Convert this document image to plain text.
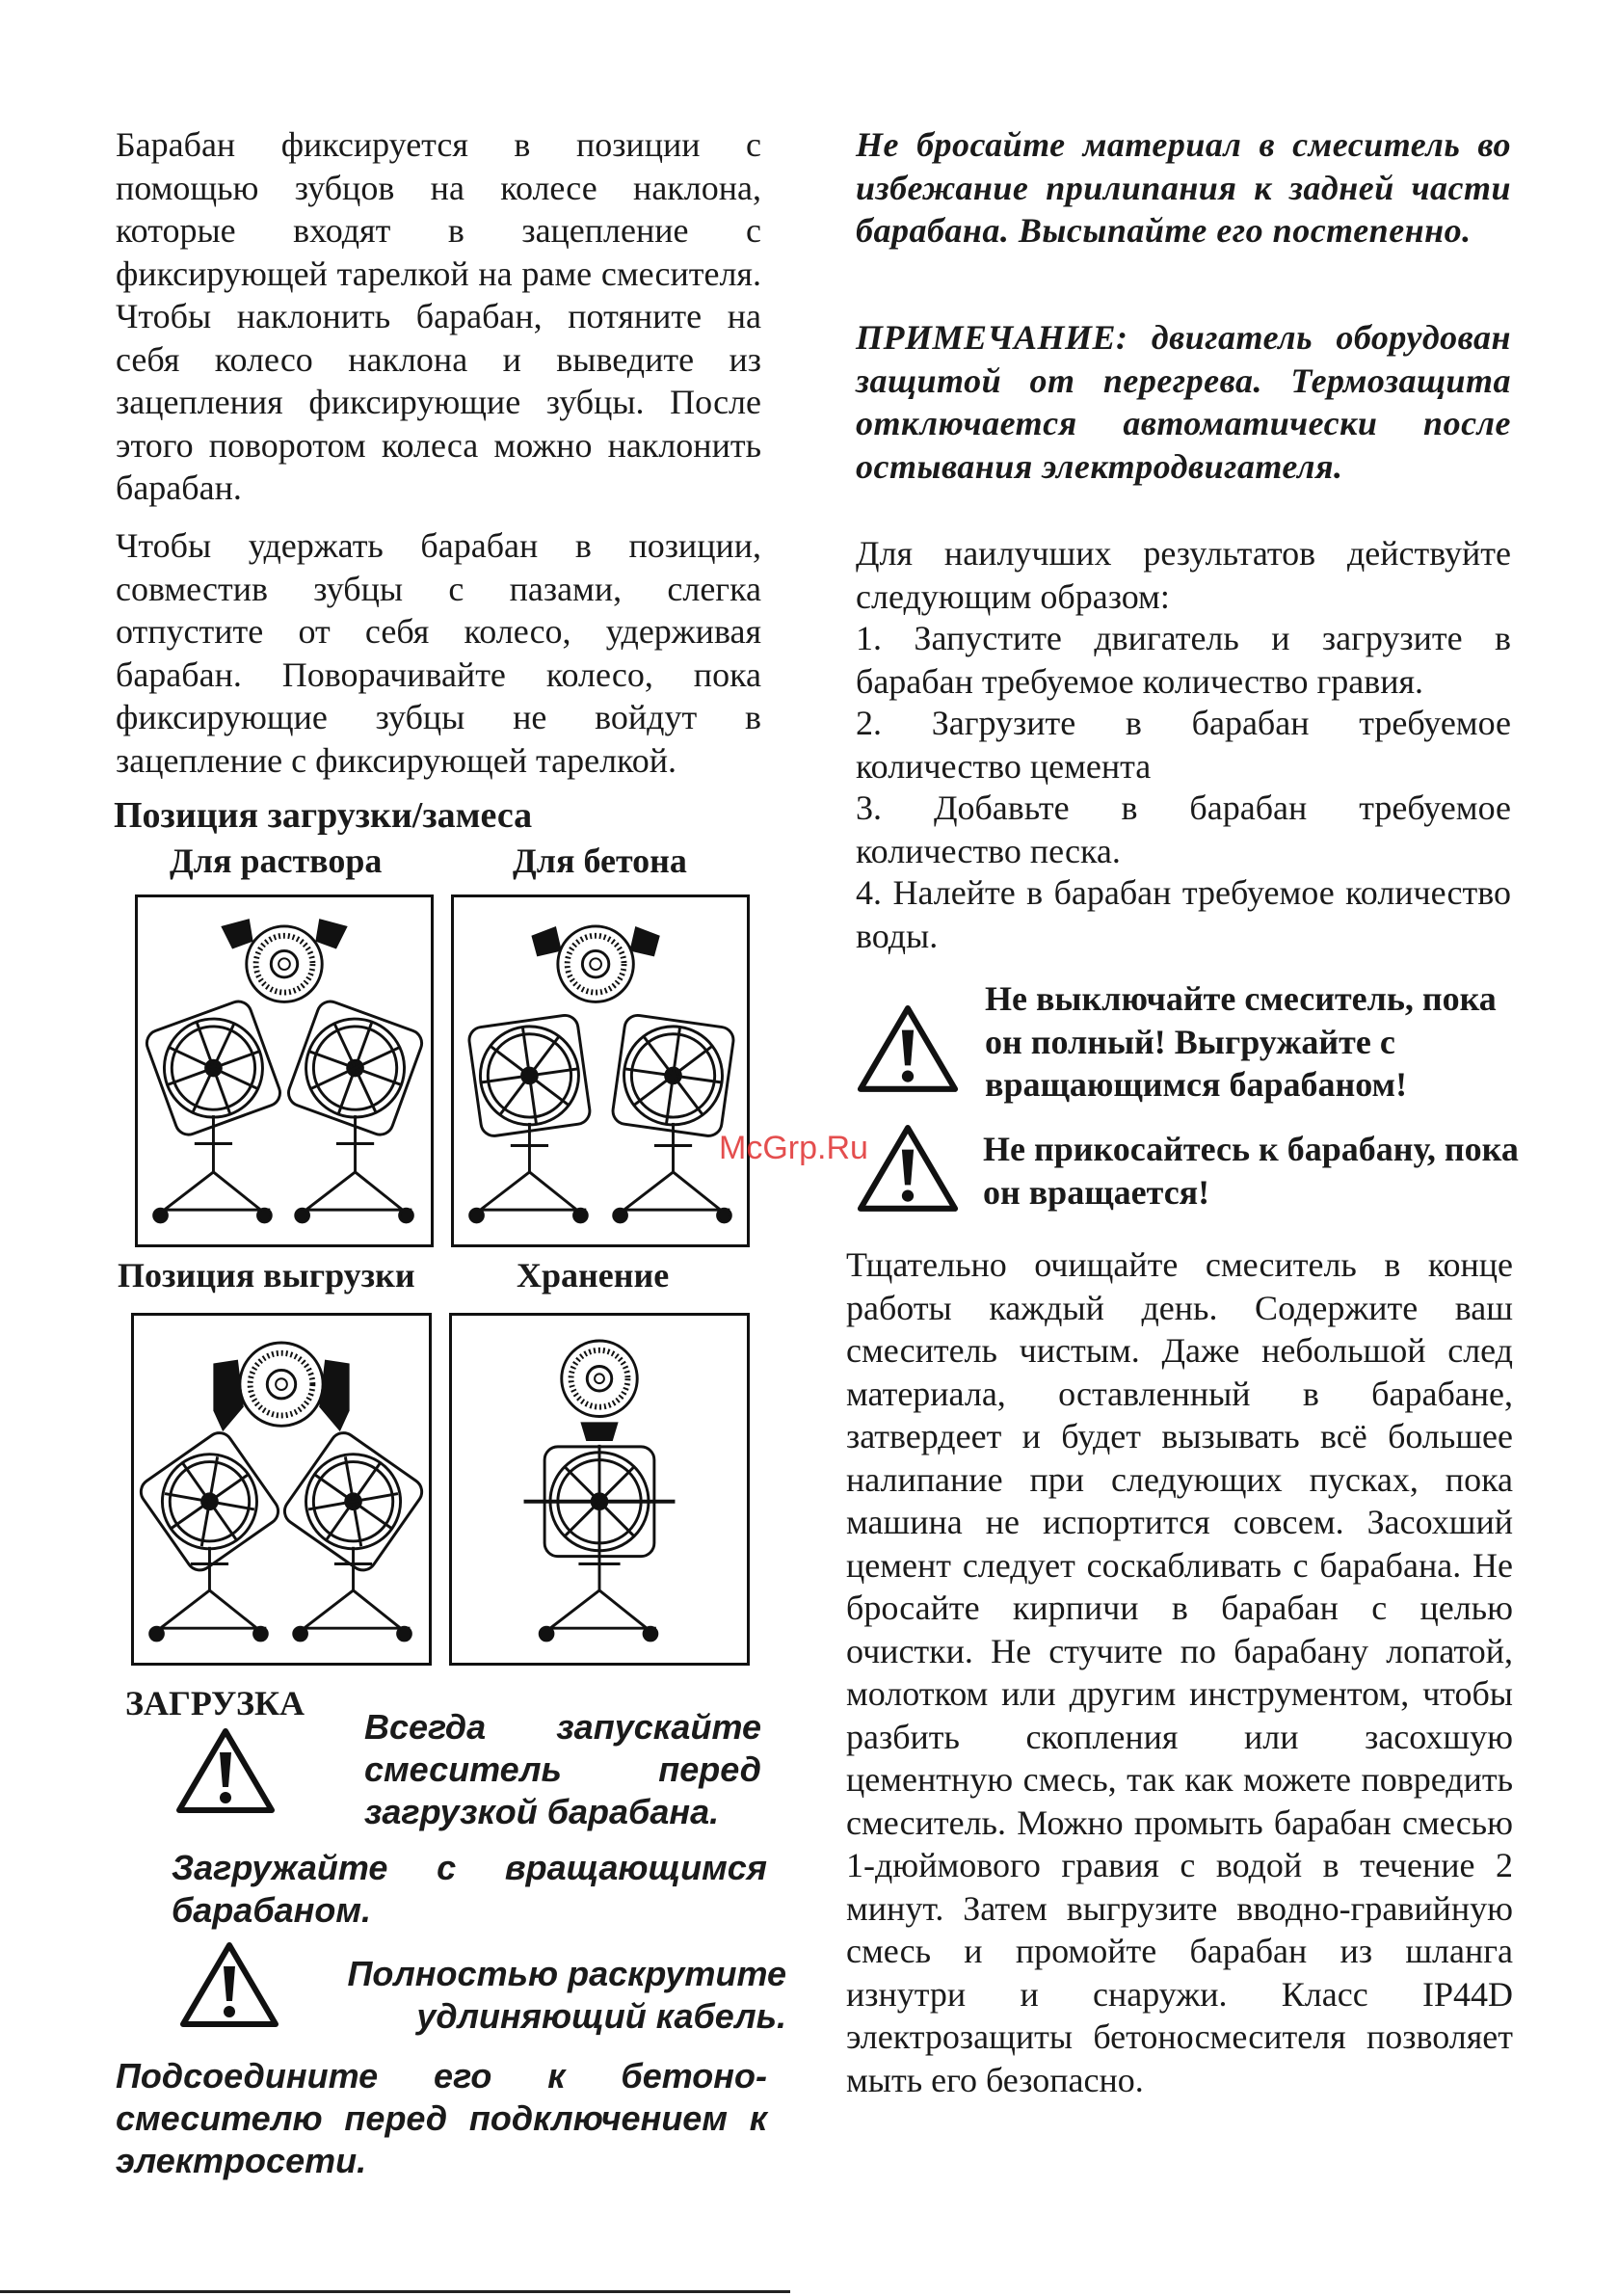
Барабан фиксируется в позиции с помощью зубцов на колесе наклона, которые входят в зацепление с фиксирующей тарелкой на раме смесителя. Чтобы наклонить барабан, потяните на себя колесо наклона и выведите из зацепления фиксирующие зубцы. После этого поворотом колеса можно наклонить барабан.

Чтобы удержать барабан в позиции, совместив зубцы с пазами, слегка отпустите от себя колесо, удерживая барабан. Поворачивайте колесо, пока фиксирующие зубцы не войдут в зацепление с фиксирующей тарелкой.

Позиция загрузки/замеса
Для раствора	Для бетона
Позиция выгрузки	Хранение
ЗАГРУЗКА

Всегда запускайте смеситель перед загрузкой барабана.

Загружайте с вращающимся барабаном.

Полностью раскрутите удлиняющий кабель.

Подсоедините его к бетоно-смесителю перед подключением к электросети.

Не бросайте материал в смеситель во избежание прилипания к задней части барабана. Высыпайте его постепенно.

ПРИМЕЧАНИЕ: двигатель оборудован защитой от перегрева. Термозащита отключается автоматически после остывания электродвигателя.

Для наилучших результатов действуйте следующим образом:

1. Запустите двигатель и загрузите в барабан требуемое количество гравия.

2. Загрузите в барабан требуемое количество цемента

3. Добавьте в барабан требуемое количество песка.

4. Налейте в барабан требуемое количество воды.

Не выключайте смеситель, пока он полный! Выгружайте с вращающимся барабаном!

Не прикосайтесь к барабану, пока он вращается!

McGrp.Ru

Тщательно очищайте смеситель в конце работы каждый день. Содержите ваш смеситель чистым. Даже небольшой след материала, оставленный в барабане, затвердеет и будет вызывать всё большее налипание при следующих пусках, пока машина не испортится совсем. Засохший цемент следует соскабливать с барабана. Не бросайте кирпичи в барабан с целью очистки. Не стучите по барабану лопатой, молотком или другим инструментом, чтобы разбить скопления или засохшую цементную смесь, так как можете повредить смеситель. Можно промыть барабан смесью 1-дюймового гравия с водой в течение 2 минут. Затем выгрузите вводно-гравийную смесь и промойте барабан из шланга изнутри и снаружи. Класс IP44D электрозащиты бетоносмесителя позволяет мыть его безопасно.
